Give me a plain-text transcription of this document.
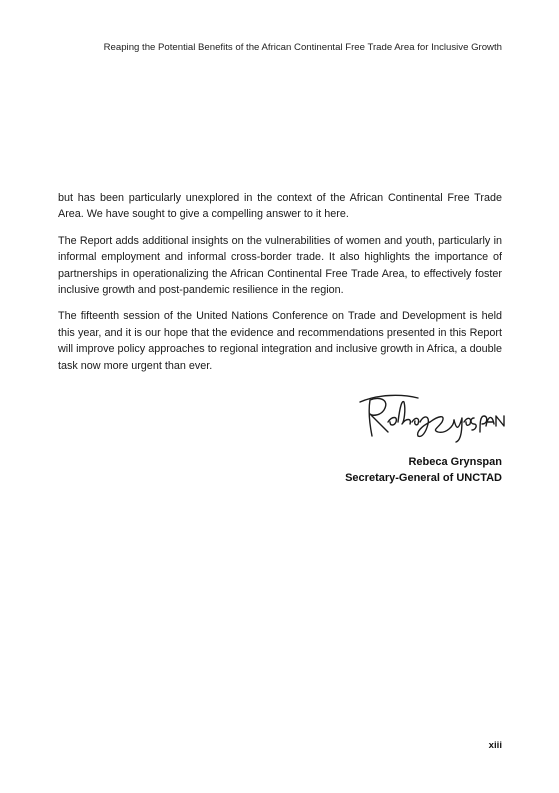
Reaping the Potential Benefits of the African Continental Free Trade Area for Inclusive Growth

but has been particularly unexplored in the context of the African Continental Free Trade Area. We have sought to give a compelling answer to it here.

The Report adds additional insights on the vulnerabilities of women and youth, particularly in informal employment and informal cross-border trade. It also highlights the importance of partnerships in operationalizing the African Continental Free Trade Area, to effectively foster inclusive growth and post-pandemic resilience in the region.

The fifteenth session of the United Nations Conference on Trade and Development is held this year, and it is our hope that the evidence and recommendations presented in this Report will improve policy approaches to regional integration and inclusive growth in Africa, a double task now more urgent than ever.

Rebeca Grynspan
Secretary-General of UNCTAD
xiii
